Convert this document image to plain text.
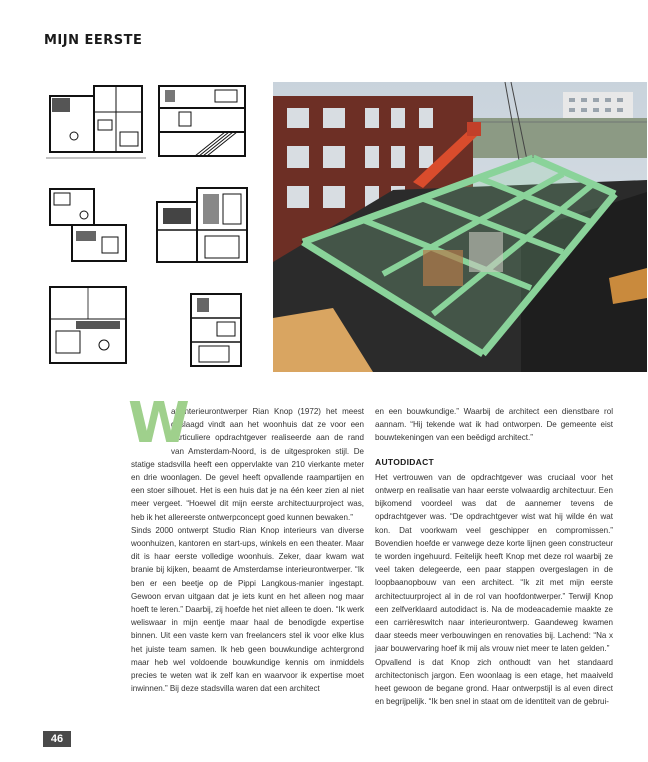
MIJN EERSTE
W

at interieurontwerper Rian Knop (1972) het meest geslaagd vindt aan het woonhuis dat ze voor een particuliere opdrachtgever realiseerde aan de rand van Amsterdam-Noord, is de uitgesproken stijl. De statige stadsvilla heeft een oppervlakte van 210 vierkante meter en drie woonlagen. De gevel heeft opvallende raampartijen en een stoer silhouet. Het is een huis dat je na één keer zien al niet meer vergeet. “Hoewel dit mijn eerste architectuurproject was, heb ik het allereerste ontwerpconcept goed kunnen bewaken.”

Sinds 2000 ontwerpt Studio Rian Knop interieurs van diverse woonhuizen, kantoren en start-ups, winkels en een theater. Maar dit is haar eerste volledige woonhuis. Zeker, daar kwam wat branie bij kijken, beaamt de Amsterdamse interieurontwerper. “Ik ben er een beetje op de Pippi Langkous-manier ingestapt. Gewoon ervan uitgaan dat je iets kunt en het alleen nog maar hoeft te leren.” Daarbij, zij hoefde het niet alleen te doen. “Ik werk weliswaar in mijn eentje maar haal de benodigde expertise binnen. Uit een vaste kern van freelancers stel ik voor elke klus het juiste team samen. Ik heb geen bouwkundige achtergrond maar heb wel voldoende bouwkundige kennis om inmiddels precies te weten wat ik zelf kan en waarvoor ik expertise moet inwinnen.” Bij deze stadsvilla waren dat een architect

en een bouwkundige.” Waarbij de architect een dienstbare rol aannam. “Hij tekende wat ik had ontworpen. De gemeente eist bouwtekeningen van een beëdigd architect.”

AUTODIDACT

Het vertrouwen van de opdrachtgever was cruciaal voor het ontwerp en realisatie van haar eerste volwaardig architectuur. Een bijkomend voordeel was dat de aannemer tevens de opdrachtgever was. “De opdrachtgever wist wat hij wilde én wat kon. Dat voorkwam veel geschipper en compromissen.” Bovendien hoefde er vanwege deze korte lijnen geen constructeur te worden ingehuurd. Feitelijk heeft Knop met deze rol waarbij ze veel taken delegeerde, een paar stappen overgeslagen in de loopbaanopbouw van een architect. “Ik zit met mijn eerste architectuurproject al in de rol van hoofdontwerper.” Terwijl Knop een zelfverklaard autodidact is. Na de modeacademie maakte ze een carrièreswitch naar interieurontwerp. Gaandeweg kwamen daar steeds meer verbouwingen en renovaties bij. Lachend: “Na x jaar bouwervaring hoef ik mij als vrouw niet meer te laten gelden.”

Opvallend is dat Knop zich onthoudt van het standaard architectonisch jargon. Een woonlaag is een etage, het maaiveld heet gewoon de begane grond. Haar ontwerpstijl is al even direct en begrijpelijk. “Ik ben snel in staat om de identiteit van de gebrui-

46
